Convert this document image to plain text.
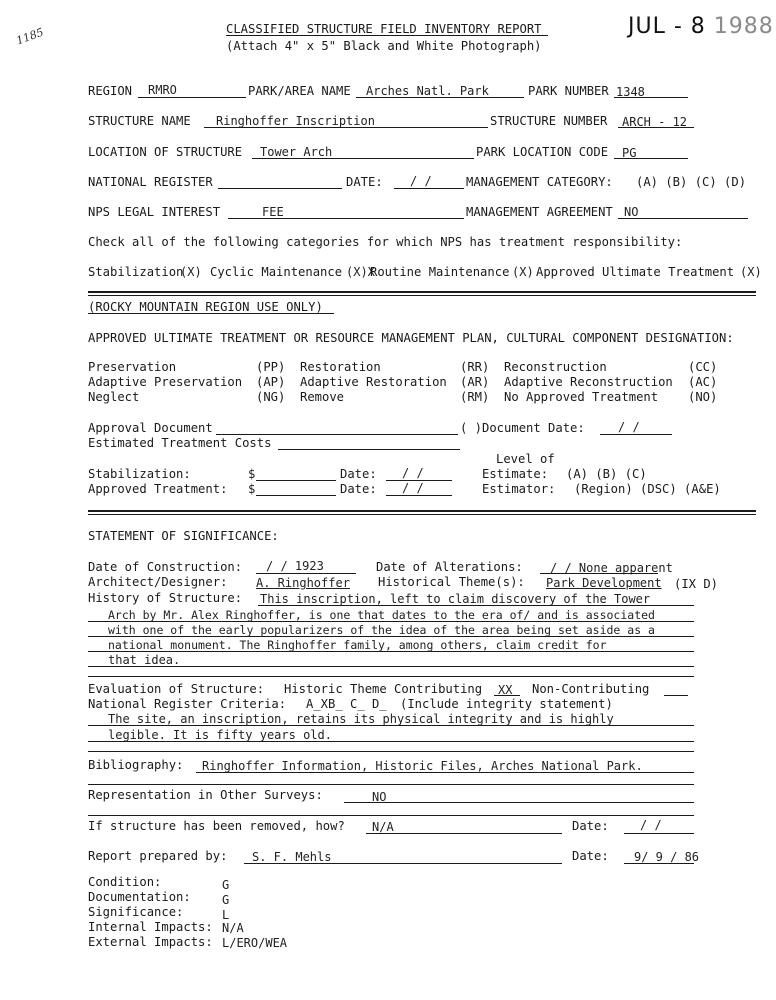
1185	CLASSIFIED STRUCTURE FIELD INVENTORY REPORT
(Attach 4" x 5" Black and White Photograph)
JUL - 8 1988
REGION RMRO	PARK/AREA NAME Arches Natl. Park	PARK NUMBER 1348
STRUCTURE NAME Ringhoffer Inscription	STRUCTURE NUMBER ARCH - 12
LOCATION OF STRUCTURE Tower Arch	PARK LOCATION CODE PG
NATIONAL REGISTER	DATE: / /	MANAGEMENT CATEGORY: (A) (B) (C) (D)
NPS LEGAL INTEREST	FEE	MANAGEMENT AGREEMENT NO
Check all of the following categories for which NPS has treatment responsibility:
Stabilization
(X) Cyclic Maintenance (X)X
Routine Maintenance (X) Approved Ultimate Treatment (X)
(ROCKY MOUNTAIN REGION USE ONLY)
APPROVED ULTIMATE TREATMENT OR RESOURCE MANAGEMENT PLAN, CULTURAL COMPONENT DESIGNATION:
Preservation	(PP) Restoration	(RR) Reconstruction	(CC)
Adaptive Preservation (AP) Adaptive Restoration (AR) Adaptive Reconstruction (AC)
Neglect	(NG) Remove	(RM) No Approved Treatment (NO)
Approval Document	( )Document Date:	/ /
Estimated Treatment Costs
Level of
Stabilization:	$	Date: / /	Estimate: (A) (B) (C)
Approved Treatment: $	Date: / /	Estimator: (Region) (DSC) (A&E)
STATEMENT OF SIGNIFICANCE:
Date of Construction: / / 1923	Date of Alterations: / / None apparent
Architect/Designer: A. Ringhoffer Historical Theme(s): Park Development (IX D)
History of Structure: This inscription, left to claim discovery of the Tower
Arch by Mr. Alex Ringhoffer, is one that dates to the era of/ and is associated
with one of the early popularizers of the idea of the area being set aside as a
national monument. The Ringhoffer family, among others, claim credit for
that idea.
Evaluation of Structure: Historic Theme Contributing XX Non-Contributing
National Register Criteria: A_XB_ C_ D_ (Include integrity statement)
The site, an inscription, retains its physical integrity and is highly
legible. It is fifty years old.
Bibliography: Ringhoffer Information, Historic Files, Arches National Park.
Representation in Other Surveys:	NO
If structure has been removed, how? N/A	Date:	/ /
Report prepared by: S. F. Mehls	Date: 9/ 9 / 86
Condition:	G
Documentation:	G
Significance:	L
Internal Impacts: N/A
External Impacts: L/ERO/WEA
